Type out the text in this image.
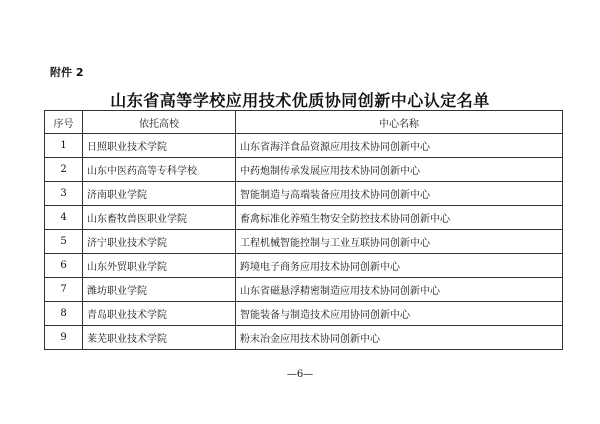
附件 2
山东省高等学校应用技术优质协同创新中心认定名单
序号	依托高校	中心名称
1	日照职业技术学院	山东省海洋食品资源应用技术协同创新中心
2	山东中医药高等专科学校	中药炮制传承发展应用技术协同创新中心
3	济南职业学院	智能制造与高端装备应用技术协同创新中心
4	山东畜牧兽医职业学院	畜禽标准化养殖生物安全防控技术协同创新中心
5	济宁职业技术学院	工程机械智能控制与工业互联协同创新中心
6	山东外贸职业学院	跨境电子商务应用技术协同创新中心
7	潍坊职业学院	山东省磁悬浮精密制造应用技术协同创新中心
8	青岛职业技术学院	智能装备与制造技术应用协同创新中心
9	莱芜职业技术学院	粉末冶金应用技术协同创新中心
—6—
